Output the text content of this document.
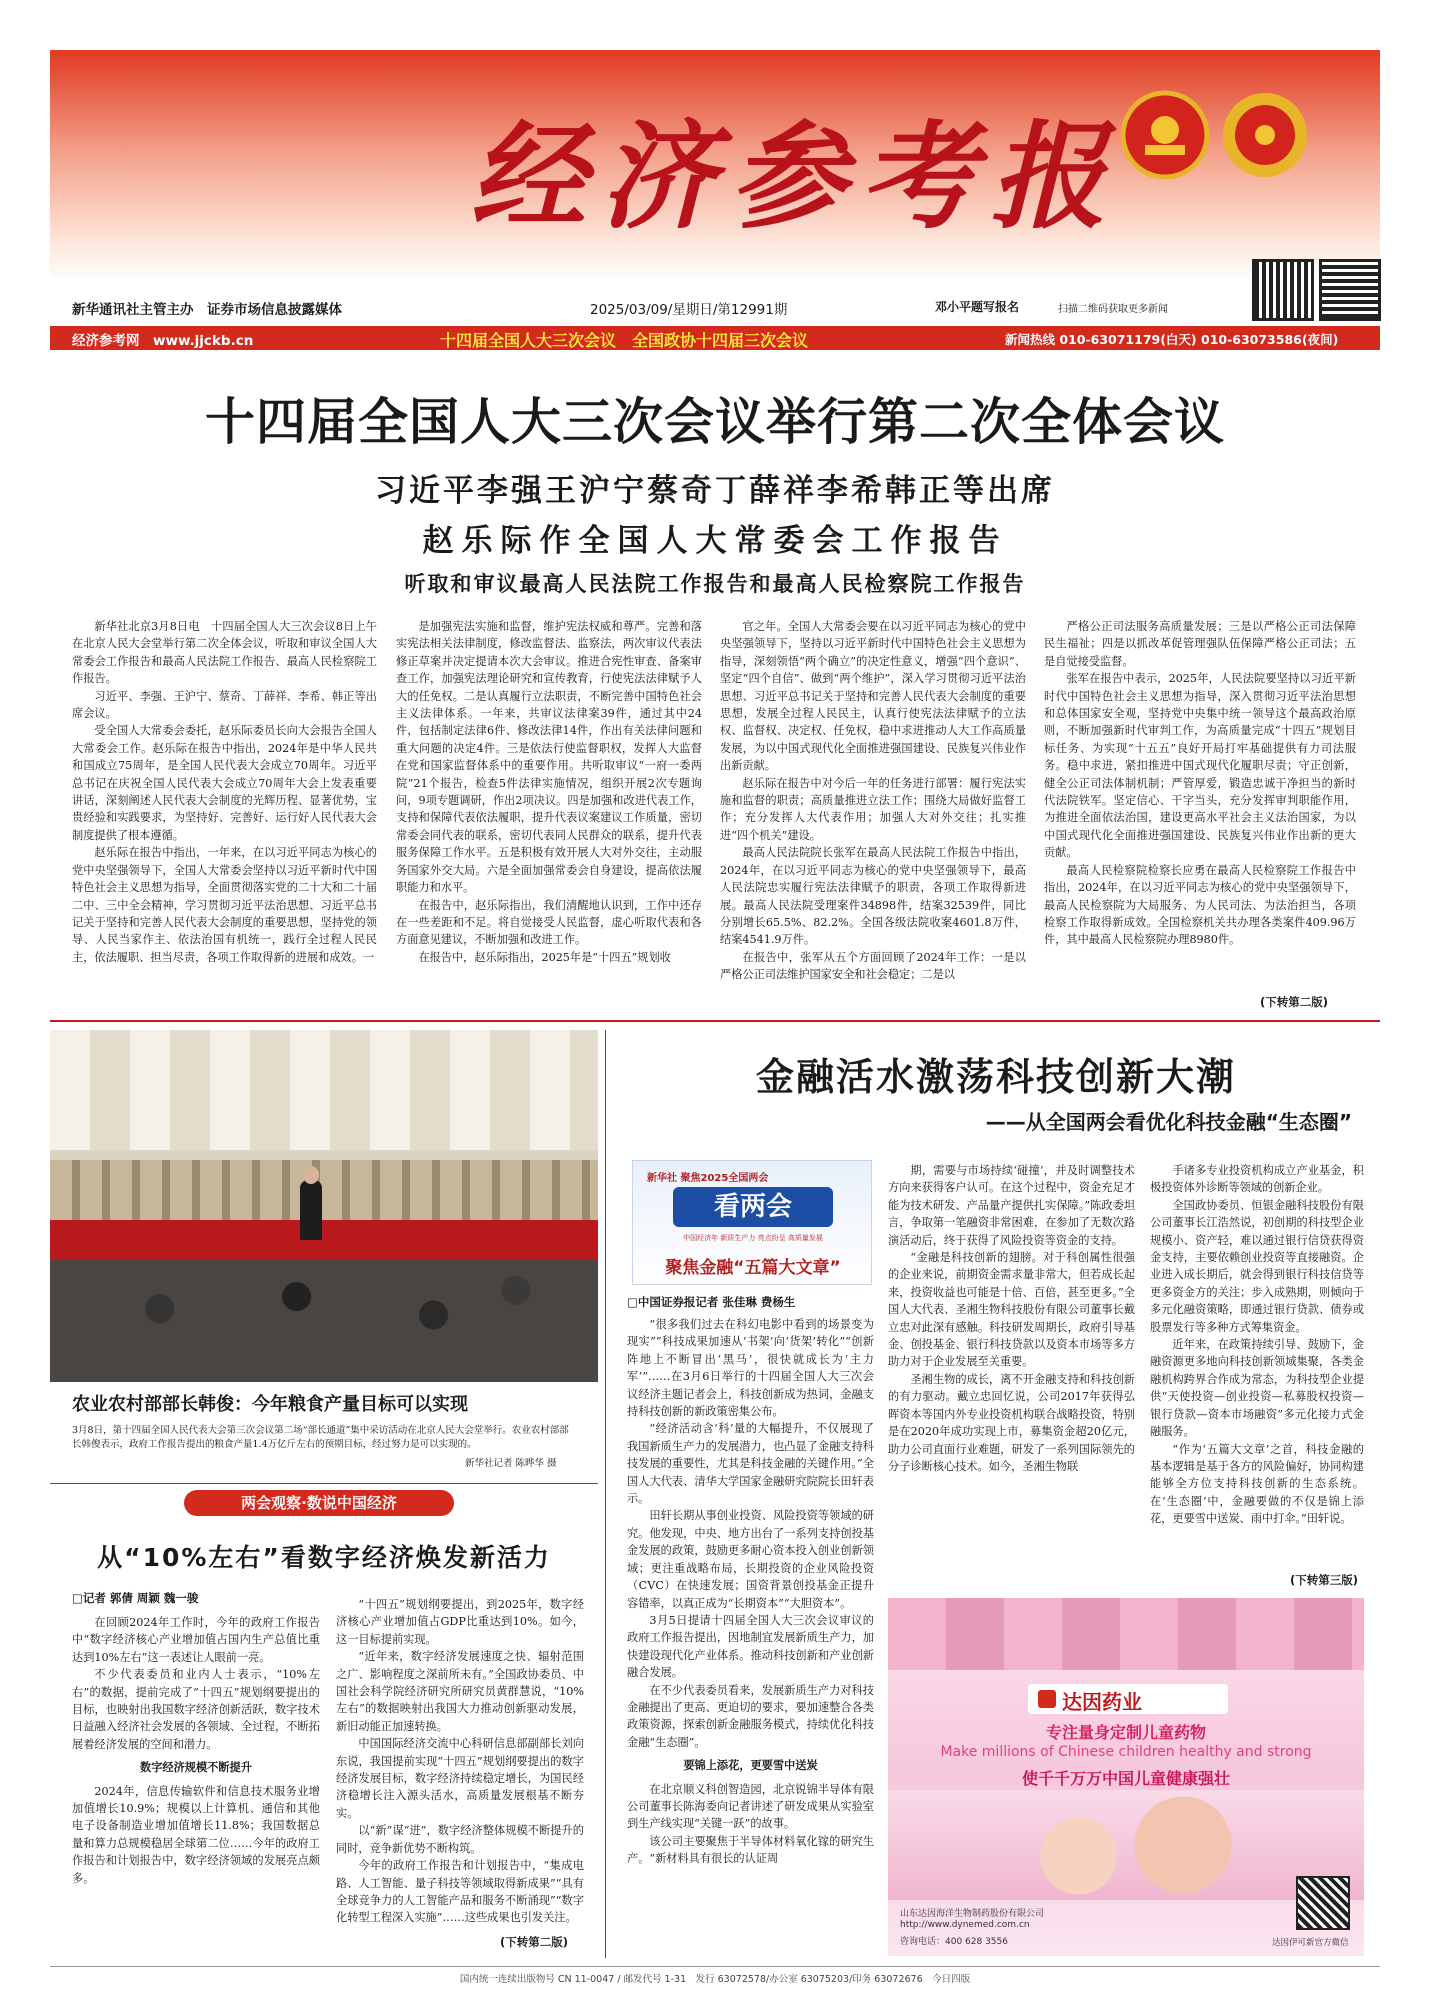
经济参考报
新华通讯社主管主办　证券市场信息披露媒体	2025/03/09/星期日/第12991期	邓小平题写报名	扫描二维码获取更多新闻
经济参考网　www.jjckb.cn	十四届全国人大三次会议　全国政协十四届三次会议	新闻热线 010-63071179(白天) 010-63073586(夜间)
十四届全国人大三次会议举行第二次全体会议
习近平李强王沪宁蔡奇丁薛祥李希韩正等出席
赵乐际作全国人大常委会工作报告
听取和审议最高人民法院工作报告和最高人民检察院工作报告

新华社北京3月8日电　十四届全国人大三次会议8日上午在北京人民大会堂举行第二次全体会议，听取和审议全国人大常委会工作报告和最高人民法院工作报告、最高人民检察院工作报告。

习近平、李强、王沪宁、蔡奇、丁薛祥、李希、韩正等出席会议。

受全国人大常委会委托，赵乐际委员长向大会报告全国人大常委会工作。赵乐际在报告中指出，2024年是中华人民共和国成立75周年，是全国人民代表大会成立70周年。习近平总书记在庆祝全国人民代表大会成立70周年大会上发表重要讲话，深刻阐述人民代表大会制度的光辉历程、显著优势，宝贵经验和实践要求，为坚持好、完善好、运行好人民代表大会制度提供了根本遵循。

赵乐际在报告中指出，一年来，在以习近平同志为核心的党中央坚强领导下，全国人大常委会坚持以习近平新时代中国特色社会主义思想为指导，全面贯彻落实党的二十大和二十届二中、三中全会精神，学习贯彻习近平法治思想、习近平总书记关于坚持和完善人民代表大会制度的重要思想，坚持党的领导、人民当家作主、依法治国有机统一，践行全过程人民民主，依法履职、担当尽责，各项工作取得新的进展和成效。一

是加强宪法实施和监督，维护宪法权威和尊严。完善和落实宪法相关法律制度，修改监督法、监察法，两次审议代表法修正草案并决定提请本次大会审议。推进合宪性审查、备案审查工作，加强宪法理论研究和宣传教育，行使宪法法律赋予人大的任免权。二是认真履行立法职责，不断完善中国特色社会主义法律体系。一年来，共审议法律案39件，通过其中24件，包括制定法律6件、修改法律14件，作出有关法律问题和重大问题的决定4件。三是依法行使监督职权，发挥人大监督在党和国家监督体系中的重要作用。共听取审议“一府一委两院”21个报告，检查5件法律实施情况，组织开展2次专题询问，9项专题调研，作出2项决议。四是加强和改进代表工作，支持和保障代表依法履职，提升代表议案建议工作质量，密切常委会同代表的联系，密切代表同人民群众的联系，提升代表服务保障工作水平。五是积极有效开展人大对外交往，主动服务国家外交大局。六是全面加强常委会自身建设，提高依法履职能力和水平。

在报告中，赵乐际指出，我们清醒地认识到，工作中还存在一些差距和不足。将自觉接受人民监督，虚心听取代表和各方面意见建议，不断加强和改进工作。

在报告中，赵乐际指出，2025年是“十四五”规划收

官之年。全国人大常委会要在以习近平同志为核心的党中央坚强领导下，坚持以习近平新时代中国特色社会主义思想为指导，深刻领悟“两个确立”的决定性意义，增强“四个意识”、坚定“四个自信”、做到“两个维护”，深入学习贯彻习近平法治思想、习近平总书记关于坚持和完善人民代表大会制度的重要思想，发展全过程人民民主，认真行使宪法法律赋予的立法权、监督权、决定权、任免权，稳中求进推动人大工作高质量发展，为以中国式现代化全面推进强国建设、民族复兴伟业作出新贡献。

赵乐际在报告中对今后一年的任务进行部署：履行宪法实施和监督的职责；高质量推进立法工作；围绕大局做好监督工作；充分发挥人大代表作用；加强人大对外交往；扎实推进“四个机关”建设。

最高人民法院院长张军在最高人民法院工作报告中指出，2024年，在以习近平同志为核心的党中央坚强领导下，最高人民法院忠实履行宪法法律赋予的职责，各项工作取得新进展。最高人民法院受理案件34898件，结案32539件，同比分别增长65.5%、82.2%。全国各级法院收案4601.8万件，结案4541.9万件。

在报告中，张军从五个方面回顾了2024年工作：一是以严格公正司法维护国家安全和社会稳定；二是以

严格公正司法服务高质量发展；三是以严格公正司法保障民生福祉；四是以抓改革促管理强队伍保障严格公正司法；五是自觉接受监督。

张军在报告中表示，2025年，人民法院要坚持以习近平新时代中国特色社会主义思想为指导，深入贯彻习近平法治思想和总体国家安全观，坚持党中央集中统一领导这个最高政治原则，不断加强新时代审判工作，为高质量完成“十四五”规划目标任务、为实现“十五五”良好开局打牢基础提供有力司法服务。稳中求进，紧扣推进中国式现代化履职尽责；守正创新，健全公正司法体制机制；严管厚爱，锻造忠诚干净担当的新时代法院铁军。坚定信心、干字当头，充分发挥审判职能作用，为推进全面依法治国，建设更高水平社会主义法治国家，为以中国式现代化全面推进强国建设、民族复兴伟业作出新的更大贡献。

最高人民检察院检察长应勇在最高人民检察院工作报告中指出，2024年，在以习近平同志为核心的党中央坚强领导下，最高人民检察院为大局服务、为人民司法、为法治担当，各项检察工作取得新成效。全国检察机关共办理各类案件409.96万件，其中最高人民检察院办理8980件。

(下转第二版)
农业农村部部长韩俊：今年粮食产量目标可以实现
3月8日，第十四届全国人民代表大会第三次会议第二场“部长通道”集中采访活动在北京人民大会堂举行。农业农村部部长韩俊表示，政府工作报告提出的粮食产量1.4万亿斤左右的预期目标，经过努力是可以实现的。
新华社记者 陈晔华 摄
两会观察·数说中国经济
从“10%左右”看数字经济焕发新活力
□记者 郭倩 周颖 魏一骏

在回顾2024年工作时，今年的政府工作报告中“数字经济核心产业增加值占国内生产总值比重达到10%左右”这一表述让人眼前一亮。

不少代表委员和业内人士表示，“10%左右”的数据，提前完成了“十四五”规划纲要提出的目标，也映射出我国数字经济创新活跃，数字技术日益融入经济社会发展的各领域、全过程，不断拓展着经济发展的空间和潜力。

数字经济规模不断提升

2024年，信息传输软件和信息技术服务业增加值增长10.9%；规模以上计算机、通信和其他电子设备制造业增加值增长11.8%；我国数据总量和算力总规模稳居全球第二位……今年的政府工作报告和计划报告中，数字经济领域的发展亮点颇多。

“十四五”规划纲要提出，到2025年，数字经济核心产业增加值占GDP比重达到10%。如今，这一目标提前实现。

“近年来，数字经济发展速度之快、辐射范围之广、影响程度之深前所未有。”全国政协委员、中国社会科学院经济研究所研究员黄群慧说，“10%左右”的数据映射出我国大力推动创新驱动发展，新旧动能正加速转换。

中国国际经济交流中心科研信息部副部长刘向东说，我国提前实现“十四五”规划纲要提出的数字经济发展目标，数字经济持续稳定增长，为国民经济稳增长注入源头活水，高质量发展根基不断夯实。

以“新”谋“进”，数字经济整体规模不断提升的同时，竞争新优势不断构筑。

今年的政府工作报告和计划报告中，“集成电路、人工智能、量子科技等领域取得新成果”“具有全球竞争力的人工智能产品和服务不断涌现”“数字化转型工程深入实施”……这些成果也引发关注。

(下转第二版)
金融活水激荡科技创新大潮
——从全国两会看优化科技金融“生态圈”
新华社 聚焦2025全国两会
看两会
中国经济年 新质生产力 亮点纷呈 高质量发展
聚焦金融“五篇大文章”
□中国证券报记者 张佳琳 费杨生

“很多我们过去在科幻电影中看到的场景变为现实”“科技成果加速从‘书架’向‘货架’转化”“创新阵地上不断冒出‘黑马’，很快就成长为‘主力军’”……在3月6日举行的十四届全国人大三次会议经济主题记者会上，科技创新成为热词，金融支持科技创新的新政策密集公布。

“经济活动含‘科’量的大幅提升，不仅展现了我国新质生产力的发展潜力，也凸显了金融支持科技发展的重要性，尤其是科技金融的关键作用。”全国人大代表、清华大学国家金融研究院院长田轩表示。

田轩长期从事创业投资、风险投资等领域的研究。他发现，中央、地方出台了一系列支持创投基金发展的政策，鼓励更多耐心资本投入创业创新领域；更注重战略布局，长期投资的企业风险投资（CVC）在快速发展；国资背景创投基金正提升容错率，以真正成为“长期资本”“大胆资本”。

3月5日提请十四届全国人大三次会议审议的政府工作报告提出，因地制宜发展新质生产力，加快建设现代化产业体系。推动科技创新和产业创新融合发展。

在不少代表委员看来，发展新质生产力对科技金融提出了更高、更迫切的要求，要加速整合各类政策资源，探索创新金融服务模式，持续优化科技金融“生态圈”。

要锦上添花，更要雪中送炭

在北京顺义科创智造园，北京锐锦半导体有限公司董事长陈海委向记者讲述了研发成果从实验室到生产线实现“关键一跃”的故事。

该公司主要聚焦于半导体材料氧化镓的研究生产。“新材料具有很长的认证周

期，需要与市场持续‘碰撞’，并及时调整技术方向来获得客户认可。在这个过程中，资金充足才能为技术研发、产品量产提供扎实保障。”陈政委坦言，争取第一笔融资非常困难，在参加了无数次路演活动后，终于获得了风险投资等资金的支持。

“金融是科技创新的翅膀。对于科创属性很强的企业来说，前期资金需求量非常大，但若成长起来，投资收益也可能是十倍、百倍，甚至更多。”全国人大代表、圣湘生物科技股份有限公司董事长戴立忠对此深有感触。科技研发周期长，政府引导基金、创投基金、银行科技贷款以及资本市场等多方助力对于企业发展至关重要。

圣湘生物的成长，离不开金融支持和科技创新的有力驱动。戴立忠回忆说，公司2017年获得弘晖资本等国内外专业投资机构联合战略投资，特别是在2020年成功实现上市，募集资金超20亿元，助力公司直面行业难题，研发了一系列国际领先的分子诊断核心技术。如今，圣湘生物联

手诸多专业投资机构成立产业基金，积极投资体外诊断等领域的创新企业。

全国政协委员、恒银金融科技股份有限公司董事长江浩然说，初创期的科技型企业规模小、资产轻，难以通过银行信贷获得资金支持，主要依赖创业投资等直接融资。企业进入成长期后，就会得到银行科技信贷等更多资金方的关注；步入成熟期，则倾向于多元化融资策略，即通过银行贷款、债券或股票发行等多种方式筹集资金。

近年来，在政策持续引导、鼓励下，金融资源更多地向科技创新领域集聚，各类金融机构跨界合作成为常态，为科技型企业提供“天使投资—创业投资—私募股权投资—银行贷款—资本市场融资”多元化接力式金融服务。

“作为‘五篇大文章’之首，科技金融的基本逻辑是基于各方的风险偏好，协同构建能够全方位支持科技创新的生态系统。在‘生态圈’中，金融要做的不仅是锦上添花，更要雪中送炭、雨中打伞。”田轩说。

(下转第三版)
达因药业
专注量身定制儿童药物
Make millions of Chinese children healthy and strong
使千千万万中国儿童健康强壮
山东达因海洋生物制药股份有限公司
http://www.dynemed.com.cn
咨询电话：400 628 3556	达因伊可新官方微信
国内统一连续出版物号 CN 11-0047 / 邮发代号 1-31　发行 63072578/办公室 63075203/印务 63072676　今日四版
